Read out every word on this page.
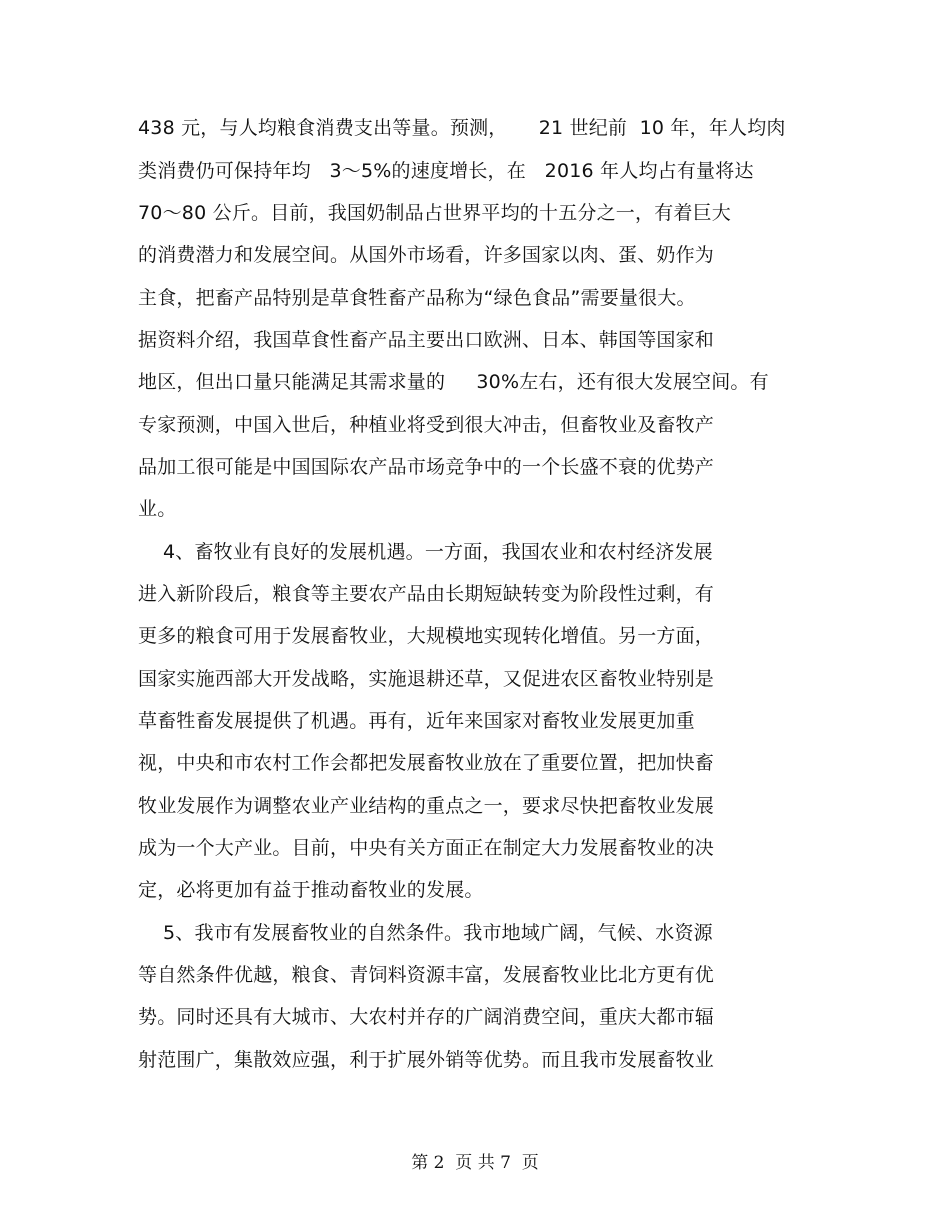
438 元，与人均粮食消费支出等量。预测，     21 世纪前  10 年，年人均肉
类消费仍可保持年均   3～5%的速度增长，在   2016 年人均占有量将达
70～80 公斤。目前，我国奶制品占世界平均的十五分之一，有着巨大
的消费潜力和发展空间。从国外市场看，许多国家以肉、蛋、奶作为
主食，把畜产品特别是草食牲畜产品称为“绿色食品”需要量很大。
据资料介绍，我国草食性畜产品主要出口欧洲、日本、韩国等国家和
地区，但出口量只能满足其需求量的     30%左右，还有很大发展空间。有
专家预测，中国入世后，种植业将受到很大冲击，但畜牧业及畜牧产
品加工很可能是中国国际农产品市场竞争中的一个长盛不衰的优势产
业。
4、畜牧业有良好的发展机遇。一方面，我国农业和农村经济发展
进入新阶段后，粮食等主要农产品由长期短缺转变为阶段性过剩，有
更多的粮食可用于发展畜牧业，大规模地实现转化增值。另一方面，
国家实施西部大开发战略，实施退耕还草，又促进农区畜牧业特别是
草畜牲畜发展提供了机遇。再有，近年来国家对畜牧业发展更加重
视，中央和市农村工作会都把发展畜牧业放在了重要位置，把加快畜
牧业发展作为调整农业产业结构的重点之一，要求尽快把畜牧业发展
成为一个大产业。目前，中央有关方面正在制定大力发展畜牧业的决
定，必将更加有益于推动畜牧业的发展。
5、我市有发展畜牧业的自然条件。我市地域广阔，气候、水资源
等自然条件优越，粮食、青饲料资源丰富，发展畜牧业比北方更有优
势。同时还具有大城市、大农村并存的广阔消费空间，重庆大都市辐
射范围广，集散效应强，利于扩展外销等优势。而且我市发展畜牧业
第 2  页 共 7  页
